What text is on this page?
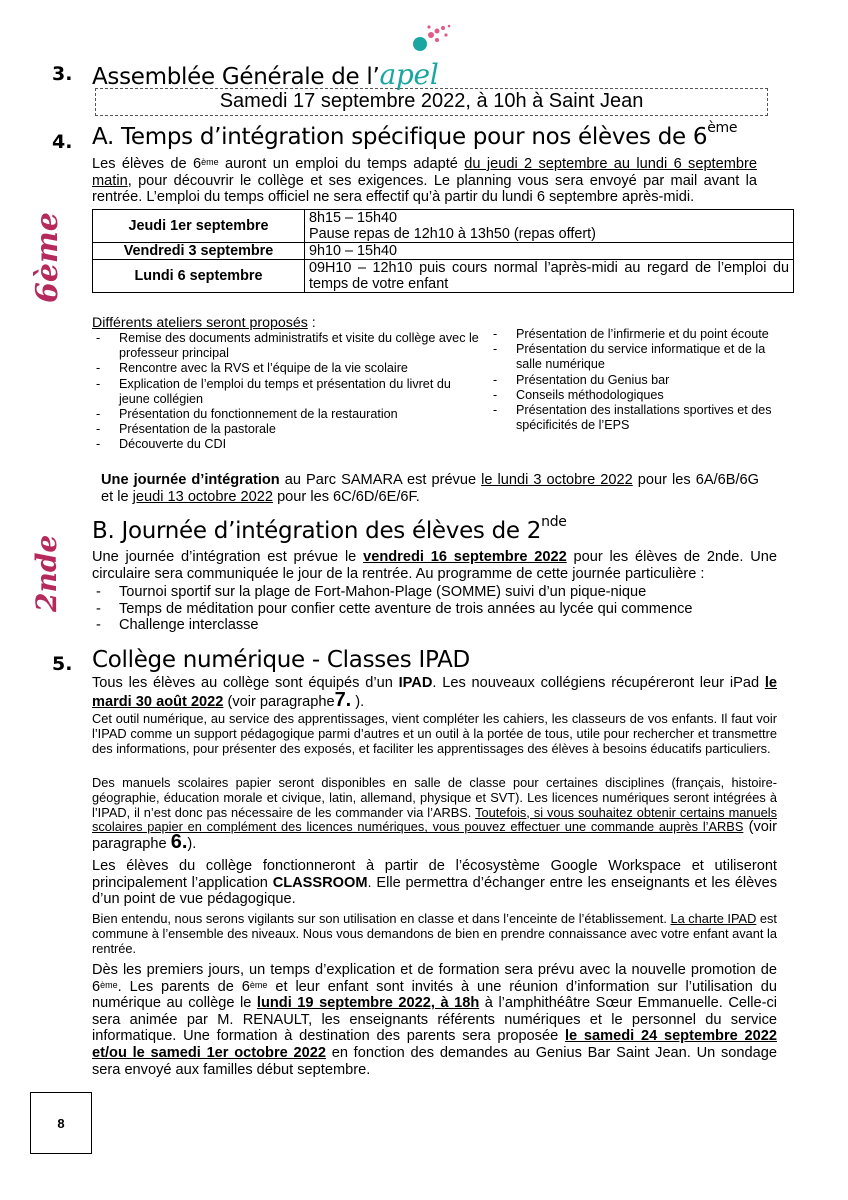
3. Assemblée Générale de l’apel
Samedi 17 septembre 2022, à 10h à Saint Jean
4. A. Temps d’intégration spécifique pour nos élèves de 6ème
6ème
Les élèves de 6ème auront un emploi du temps adapté du jeudi 2 septembre au lundi 6 septembre matin, pour découvrir le collège et ses exigences. Le planning vous sera envoyé par mail avant la rentrée. L’emploi du temps officiel ne sera effectif qu’à partir du lundi 6 septembre après-midi.
Jeudi 1er septembre	8h15 – 15h40
Pause repas de 12h10 à 13h50 (repas offert)

Vendredi 3 septembre	9h10 – 15h40

Lundi 6 septembre	09H10 – 12h10 puis cours normal l’après-midi au regard de l’emploi du temps de votre enfant
Différents ateliers seront proposés :
- Remise des documents administratifs et visite du collège avec le professeur principal
- Rencontre avec la RVS et l’équipe de la vie scolaire
- Explication de l’emploi du temps et présentation du livret du jeune collégien
- Présentation du fonctionnement de la restauration
- Présentation de la pastorale
- Découverte du CDI
- Présentation de l’infirmerie et du point écoute
- Présentation du service informatique et de la salle numérique
- Présentation du Genius bar
- Conseils méthodologiques
- Présentation des installations sportives et des spécificités de l’EPS
Une journée d’intégration au Parc SAMARA est prévue le lundi 3 octobre 2022 pour les 6A/6B/6G et le jeudi 13 octobre 2022 pour les 6C/6D/6E/6F.
B. Journée d’intégration des élèves de 2nde
2nde Une journée d’intégration est prévue le vendredi 16 septembre 2022 pour les élèves de 2nde. Une circulaire sera communiquée le jour de la rentrée. Au programme de cette journée particulière :
- Tournoi sportif sur la plage de Fort-Mahon-Plage (SOMME) suivi d’un pique-nique
- Temps de méditation pour confier cette aventure de trois années au lycée qui commence
- Challenge interclasse
5. Collège numérique - Classes IPAD
Tous les élèves au collège sont équipés d’un IPAD. Les nouveaux collégiens récupéreront leur iPad le mardi 30 août 2022 (voir paragraphe7. ).
Cet outil numérique, au service des apprentissages, vient compléter les cahiers, les classeurs de vos enfants. Il faut voir l’IPAD comme un support pédagogique parmi d’autres et un outil à la portée de tous, utile pour rechercher et transmettre des informations, pour présenter des exposés, et faciliter les apprentissages des élèves à besoins éducatifs particuliers.
Des manuels scolaires papier seront disponibles en salle de classe pour certaines disciplines (français, histoire-géographie, éducation morale et civique, latin, allemand, physique et SVT). Les licences numériques seront intégrées à l’IPAD, il n’est donc pas nécessaire de les commander via l’ARBS. Toutefois, si vous souhaitez obtenir certains manuels scolaires papier en complément des licences numériques, vous pouvez effectuer une commande auprès l’ARBS (voir paragraphe 6.).
Les élèves du collège fonctionneront à partir de l’écosystème Google Workspace et utiliseront principalement l’application CLASSROOM. Elle permettra d’échanger entre les enseignants et les élèves d’un point de vue pédagogique.
Bien entendu, nous serons vigilants sur son utilisation en classe et dans l’enceinte de l’établissement. La charte IPAD est commune à l’ensemble des niveaux. Nous vous demandons de bien en prendre connaissance avec votre enfant avant la rentrée.
Dès les premiers jours, un temps d’explication et de formation sera prévu avec la nouvelle promotion de 6ème. Les parents de 6ème et leur enfant sont invités à une réunion d’information sur l’utilisation du numérique au collège le lundi 19 septembre 2022, à 18h à l’amphithéâtre Sœur Emmanuelle. Celle-ci sera animée par M. RENAULT, les enseignants référents numériques et le personnel du service informatique. Une formation à destination des parents sera proposée le samedi 24 septembre 2022 et/ou le samedi 1er octobre 2022 en fonction des demandes au Genius Bar Saint Jean. Un sondage sera envoyé aux familles début septembre.
8
